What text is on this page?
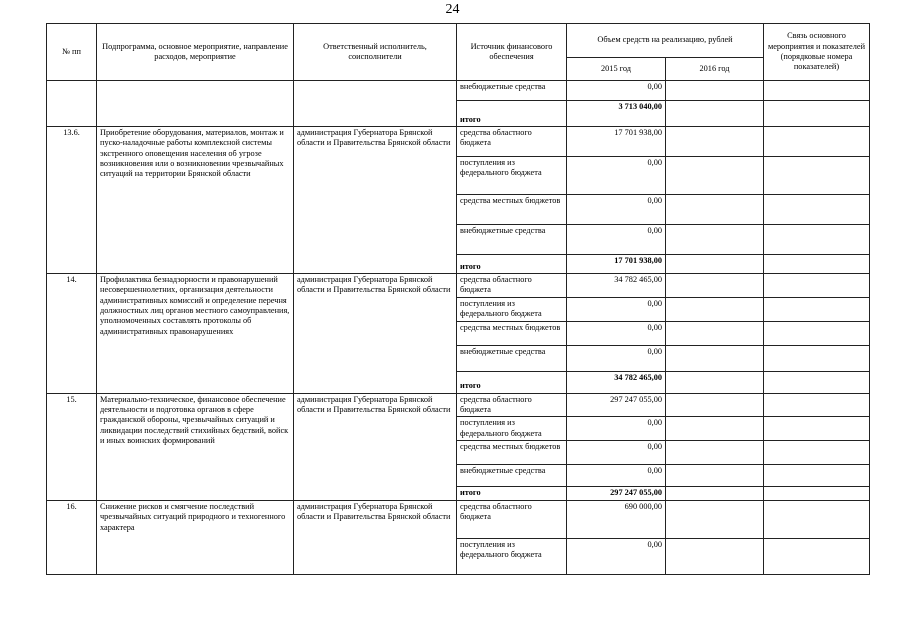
24
№ пп	Подпрограмма, основное мероприятие, направление расходов, мероприятие	Ответственный исполнитель, соисполнители	Источник финансового обеспечения	Объем средств на реализацию, рублей		Связь основного мероприятия и показателей (порядковые номера показателей)
				2015 год	2016 год	
			внебюджетные средства	0,00		
			итого	3 713 040,00		
13.6.	Приобретение оборудования, материалов, монтаж и пуско-наладочные работы комплексной системы экстренного оповещения населения об угрозе возникновения или о возникновении чрезвычайных ситуаций на территории Брянской области	администрация Губернатора Брянской области и Правительства Брянской области	средства областного бюджета	17 701 938,00		
			поступления из федерального бюджета	0,00		
			средства местных бюджетов	0,00		
			внебюджетные средства	0,00		
			итого	17 701 938,00		
14.	Профилактика безнадзорности и правонарушений несовершеннолетних, организация деятельности административных комиссий и определение перечня должностных лиц органов местного самоуправления, уполномоченных составлять протоколы об административных правонарушениях	администрация Губернатора Брянской области и Правительства Брянской области	средства областного бюджета	34 782 465,00		
			поступления из федерального бюджета	0,00		
			средства местных бюджетов	0,00		
			внебюджетные средства	0,00		
			итого	34 782 465,00		
15.	Материально-техническое, финансовое обеспечение деятельности и подготовка органов в сфере гражданской обороны, чрезвычайных ситуаций и ликвидации последствий стихийных бедствий, войск и иных воинских формирований	администрация Губернатора Брянской области и Правительства Брянской области	средства областного бюджета	297 247 055,00		
			поступления из федерального бюджета	0,00		
			средства местных бюджетов	0,00		
			внебюджетные средства	0,00		
			итого	297 247 055,00		
16.	Снижение рисков и смягчение последствий чрезвычайных ситуаций природного и техногенного характера	администрация Губернатора Брянской области и Правительства Брянской области	средства областного бюджета	690 000,00		
			поступления из федерального бюджета	0,00		
